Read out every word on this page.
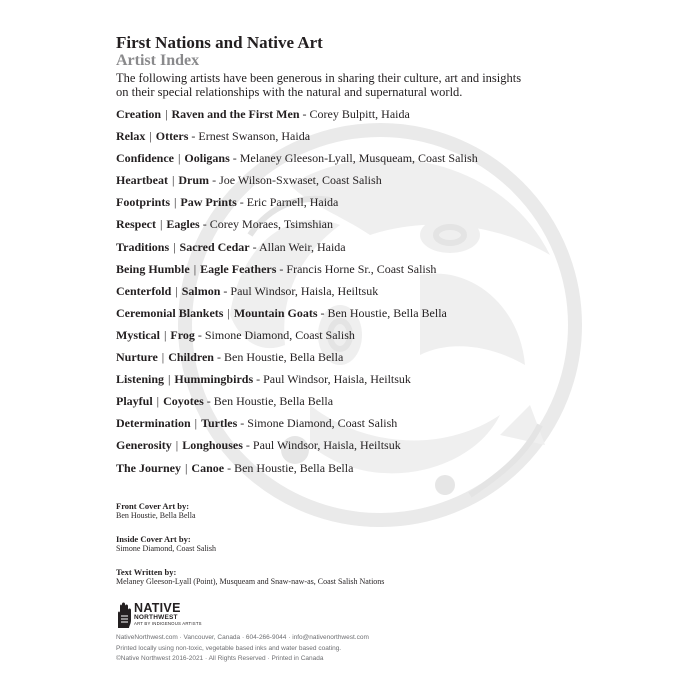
First Nations and Native Art
Artist Index

The following artists have been generous in sharing their culture, art and insights on their special relationships with the natural and supernatural world.

Creation | Raven and the First Men - Corey Bulpitt, Haida
Relax | Otters - Ernest Swanson, Haida
Confidence | Ooligans - Melaney Gleeson-Lyall, Musqueam, Coast Salish
Heartbeat | Drum - Joe Wilson-Sxwaset, Coast Salish
Footprints | Paw Prints - Eric Parnell, Haida
Respect | Eagles - Corey Moraes, Tsimshian
Traditions | Sacred Cedar - Allan Weir, Haida
Being Humble | Eagle Feathers - Francis Horne Sr., Coast Salish
Centerfold | Salmon - Paul Windsor, Haisla, Heiltsuk
Ceremonial Blankets | Mountain Goats - Ben Houstie, Bella Bella
Mystical | Frog - Simone Diamond, Coast Salish
Nurture | Children - Ben Houstie, Bella Bella
Listening | Hummingbirds - Paul Windsor, Haisla, Heiltsuk
Playful | Coyotes - Ben Houstie, Bella Bella
Determination | Turtles - Simone Diamond, Coast Salish
Generosity | Longhouses - Paul Windsor, Haisla, Heiltsuk
The Journey | Canoe - Ben Houstie, Bella Bella
Front Cover Art by:
Ben Houstie, Bella Bella
Inside Cover Art by:
Simone Diamond, Coast Salish
Text Written by:
Melaney Gleeson-Lyall (Point), Musqueam and Snaw-naw-as, Coast Salish Nations
NATIVE
NORTHWEST
ART BY INDIGENOUS ARTISTS
NativeNorthwest.com · Vancouver, Canada · 604-266-9044 · info@nativenorthwest.com
Printed locally using non-toxic, vegetable based inks and water based coating.
©Native Northwest 2016-2021 · All Rights Reserved · Printed in Canada
